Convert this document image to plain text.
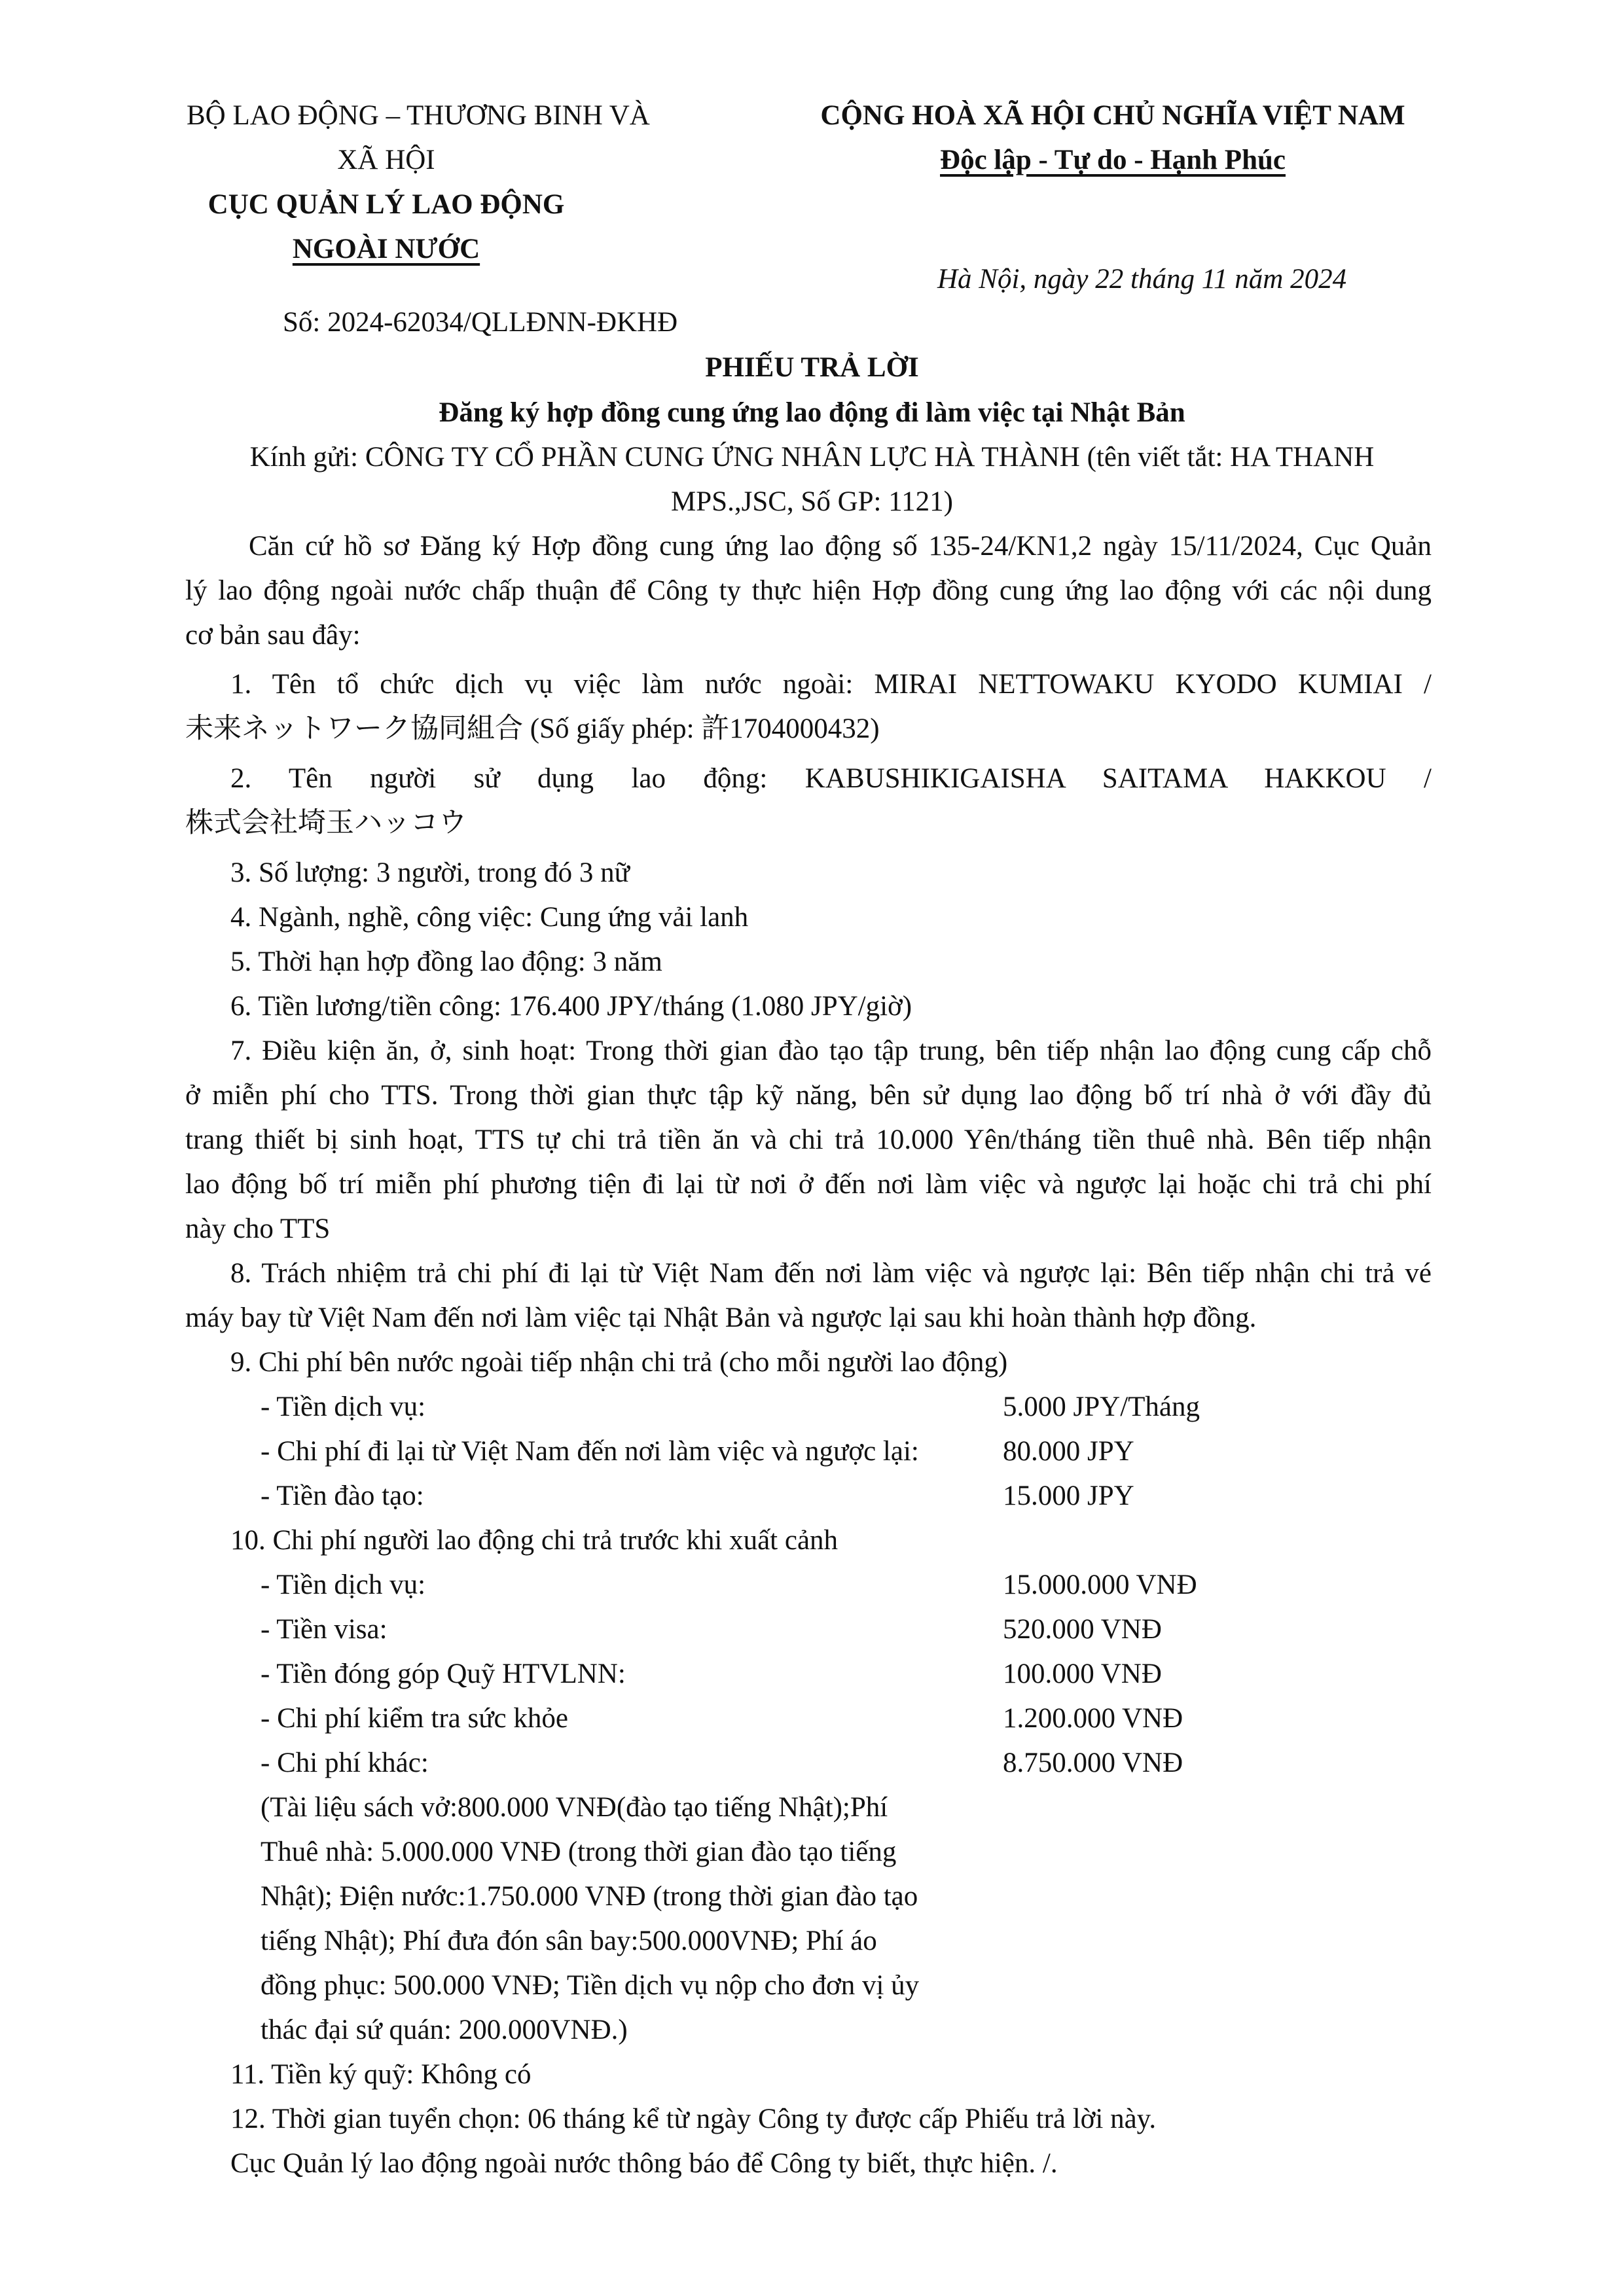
BỘ LAO ĐỘNG – THƯƠNG BINH VÀ
XÃ HỘI
CỤC QUẢN LÝ LAO ĐỘNG
NGOÀI NƯỚC
Số: 2024-62034/QLLĐNN-ĐKHĐ
CỘNG HOÀ XÃ HỘI CHỦ NGHĨA VIỆT NAM
Độc lập - Tự do - Hạnh Phúc
Hà Nội, ngày 22 tháng 11 năm 2024
PHIẾU TRẢ LỜI
Đăng ký hợp đồng cung ứng lao động đi làm việc tại Nhật Bản
Kính gửi: CÔNG TY CỔ PHẦN CUNG ỨNG NHÂN LỰC HÀ THÀNH (tên viết tắt: HA THANH
MPS.,JSC, Số GP: 1121)
Căn cứ hồ sơ Đăng ký Hợp đồng cung ứng lao động số 135-24/KN1,2 ngày 15/11/2024, Cục Quản
lý lao động ngoài nước chấp thuận để Công ty thực hiện Hợp đồng cung ứng lao động với các nội dung
cơ bản sau đây:
1. Tên tổ chức dịch vụ việc làm nước ngoài: MIRAI NETTOWAKU KYODO KUMIAI /
未来ネットワーク協同組合 (Số giấy phép: 許1704000432)
2. Tên người sử dụng lao động: KABUSHIKIGAISHA SAITAMA HAKKOU /
株式会社埼玉ハッコウ
3. Số lượng: 3 người, trong đó 3 nữ
4. Ngành, nghề, công việc: Cung ứng vải lanh
5. Thời hạn hợp đồng lao động: 3 năm
6. Tiền lương/tiền công: 176.400 JPY/tháng (1.080 JPY/giờ)
7. Điều kiện ăn, ở, sinh hoạt: Trong thời gian đào tạo tập trung, bên tiếp nhận lao động cung cấp chỗ
ở miễn phí cho TTS. Trong thời gian thực tập kỹ năng, bên sử dụng lao động bố trí nhà ở với đầy đủ
trang thiết bị sinh hoạt, TTS tự chi trả tiền ăn và chi trả 10.000 Yên/tháng tiền thuê nhà. Bên tiếp nhận
lao động bố trí miễn phí phương tiện đi lại từ nơi ở đến nơi làm việc và ngược lại hoặc chi trả chi phí
này cho TTS
8. Trách nhiệm trả chi phí đi lại từ Việt Nam đến nơi làm việc và ngược lại: Bên tiếp nhận chi trả vé
máy bay từ Việt Nam đến nơi làm việc tại Nhật Bản và ngược lại sau khi hoàn thành hợp đồng.
9. Chi phí bên nước ngoài tiếp nhận chi trả (cho mỗi người lao động)
- Tiền dịch vụ:	5.000 JPY/Tháng
- Chi phí đi lại từ Việt Nam đến nơi làm việc và ngược lại:	80.000 JPY
- Tiền đào tạo:	15.000 JPY
10. Chi phí người lao động chi trả trước khi xuất cảnh
- Tiền dịch vụ:	15.000.000 VNĐ
- Tiền visa:	520.000 VNĐ
- Tiền đóng góp Quỹ HTVLNN:	100.000 VNĐ
- Chi phí kiểm tra sức khỏe	1.200.000 VNĐ
- Chi phí khác:	8.750.000 VNĐ
(Tài liệu sách vở:800.000 VNĐ(đào tạo tiếng Nhật);Phí
Thuê nhà: 5.000.000 VNĐ (trong thời gian đào tạo tiếng
Nhật); Điện nước:1.750.000 VNĐ (trong thời gian đào tạo
tiếng Nhật); Phí đưa đón sân bay:500.000VNĐ; Phí áo
đồng phục: 500.000 VNĐ; Tiền dịch vụ nộp cho đơn vị ủy
thác đại sứ quán: 200.000VNĐ.)
11. Tiền ký quỹ: Không có
12. Thời gian tuyển chọn: 06 tháng kể từ ngày Công ty được cấp Phiếu trả lời này.
Cục Quản lý lao động ngoài nước thông báo để Công ty biết, thực hiện. /.
